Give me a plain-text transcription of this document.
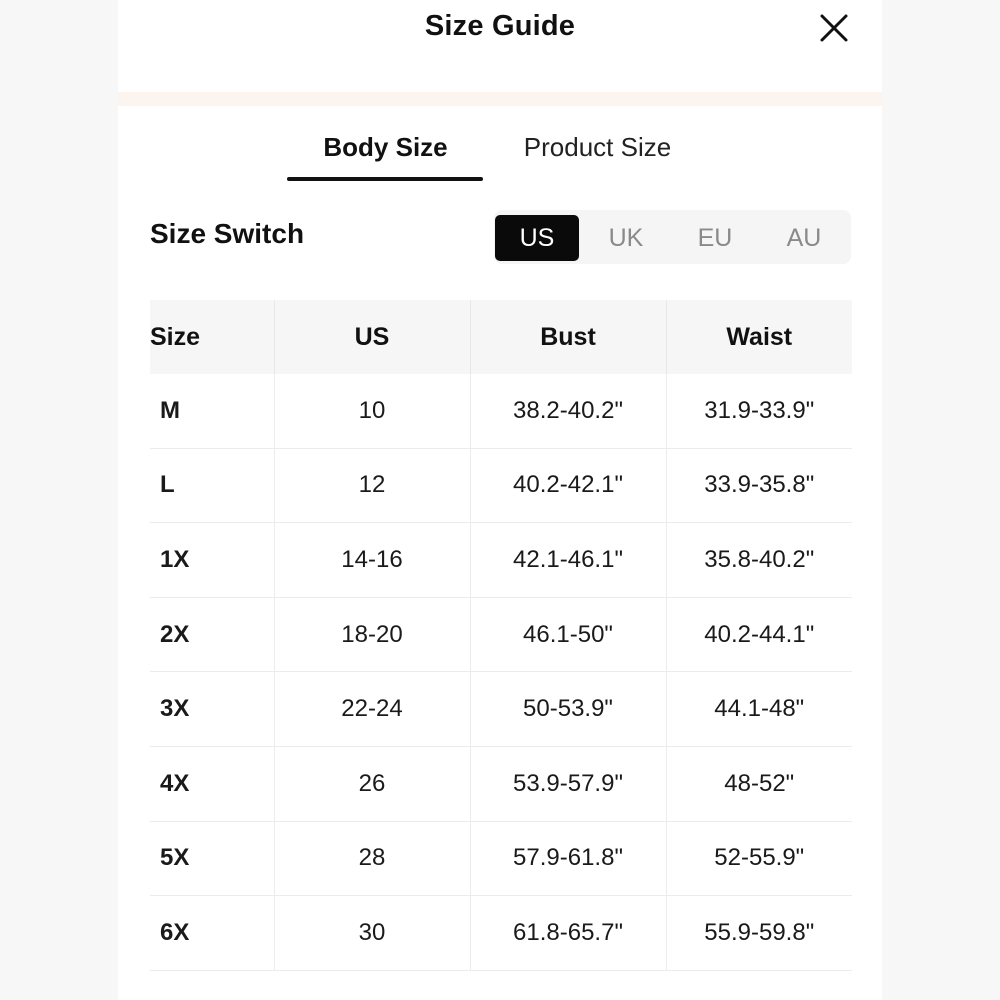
Size Guide
Body Size	Product Size
Size Switch	US	UK	EU	AU
Size	US	Bust	Waist
M	10	38.2-40.2"	31.9-33.9"
L	12	40.2-42.1"	33.9-35.8"
1X	14-16	42.1-46.1"	35.8-40.2"
2X	18-20	46.1-50"	40.2-44.1"
3X	22-24	50-53.9"	44.1-48"
4X	26	53.9-57.9"	48-52"
5X	28	57.9-61.8"	52-55.9"
6X	30	61.8-65.7"	55.9-59.8"
